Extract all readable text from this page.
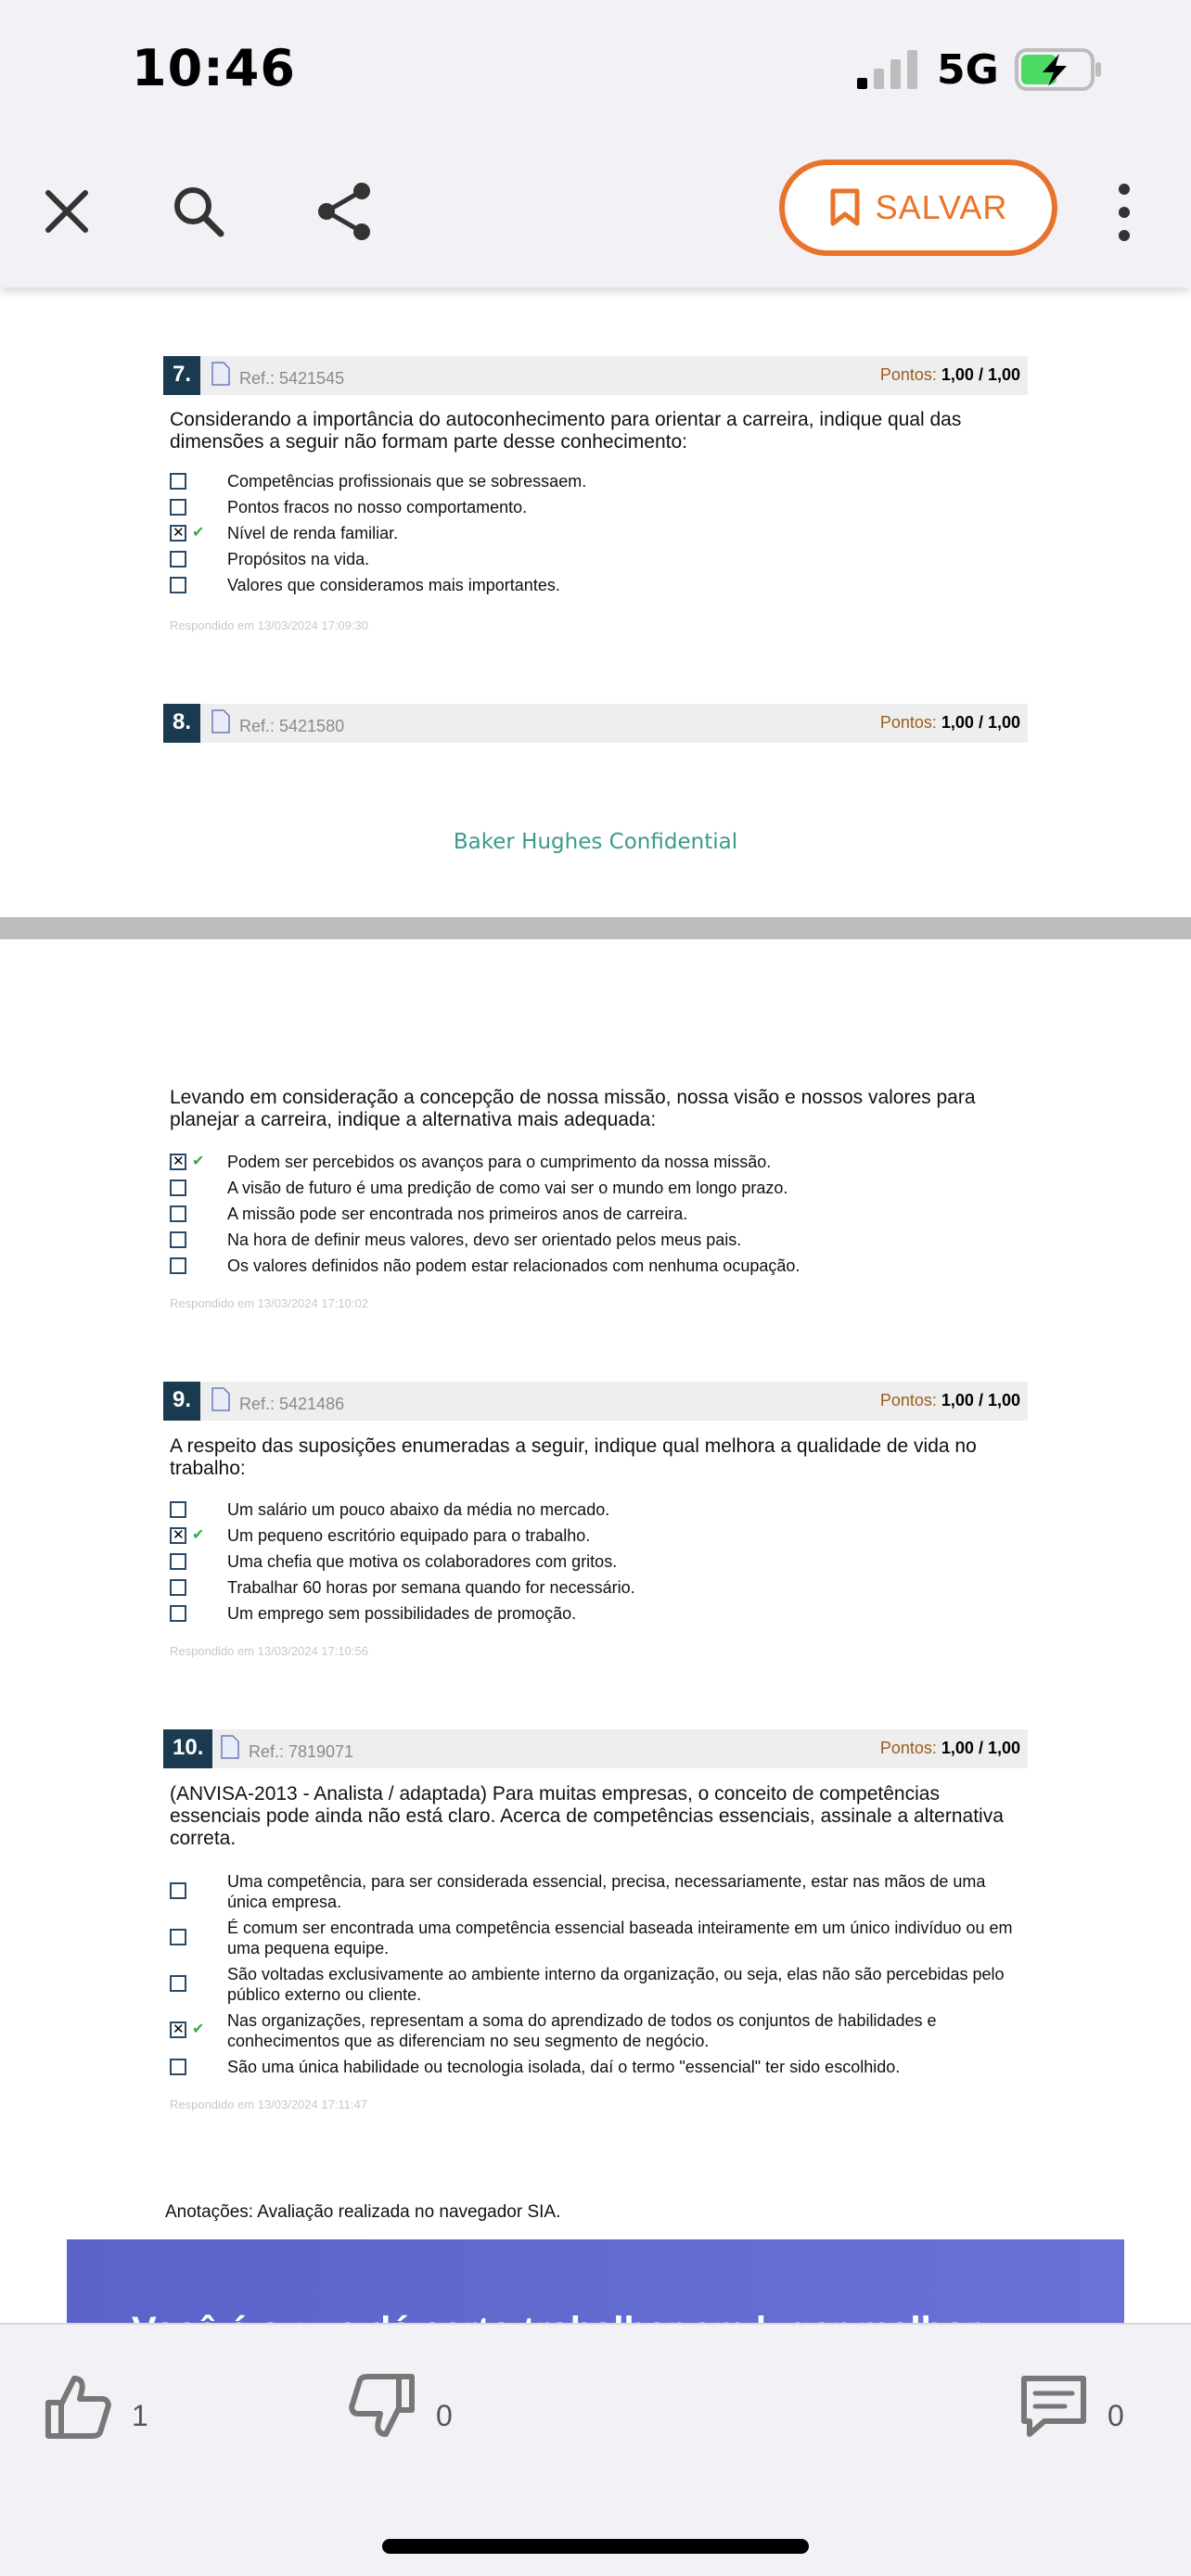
10:46	5G
SALVAR
7.	Ref.: 5421545	Pontos: 1,00 / 1,00
Considerando a importância do autoconhecimento para orientar a carreira, indique qual das dimensões a seguir não formam parte desse conhecimento:
Competências profissionais que se sobressaem.
Pontos fracos no nosso comportamento.
✕
✔ Nível de renda familiar.
Propósitos na vida.
Valores que consideramos mais importantes.
Respondido em 13/03/2024 17:09:30
8.	Ref.: 5421580	Pontos: 1,00 / 1,00
Baker Hughes Confidential
Levando em consideração a concepção de nossa missão, nossa visão e nossos valores para planejar a carreira, indique a alternativa mais adequada:
✕
✔ Podem ser percebidos os avanços para o cumprimento da nossa missão.
A visão de futuro é uma predição de como vai ser o mundo em longo prazo.
A missão pode ser encontrada nos primeiros anos de carreira.
Na hora de definir meus valores, devo ser orientado pelos meus pais.
Os valores definidos não podem estar relacionados com nenhuma ocupação.
Respondido em 13/03/2024 17:10:02
9.	Ref.: 5421486	Pontos: 1,00 / 1,00
A respeito das suposições enumeradas a seguir, indique qual melhora a qualidade de vida no trabalho:
Um salário um pouco abaixo da média no mercado.
✕
✔ Um pequeno escritório equipado para o trabalho.
Uma chefia que motiva os colaboradores com gritos.
Trabalhar 60 horas por semana quando for necessário.
Um emprego sem possibilidades de promoção.
Respondido em 13/03/2024 17:10:56
10.	Ref.: 7819071	Pontos: 1,00 / 1,00
(ANVISA-2013 - Analista / adaptada) Para muitas empresas, o conceito de competências essenciais pode ainda não está claro. Acerca de competências essenciais, assinale a alternativa correta.
Uma competência, para ser considerada essencial, precisa, necessariamente, estar nas mãos de uma única empresa.
É comum ser encontrada uma competência essencial baseada inteiramente em um único indivíduo ou em uma pequena equipe.
São voltadas exclusivamente ao ambiente interno da organização, ou seja, elas não são percebidas pelo público externo ou cliente.
✕
✔ Nas organizações, representam a soma do aprendizado de todos os conjuntos de habilidades e conhecimentos que as diferenciam no seu segmento de negócio.
São uma única habilidade ou tecnologia isolada, daí o termo "essencial" ter sido escolhido.
Respondido em 13/03/2024 17:11:47
Anotações: Avaliação realizada no navegador SIA.
1	0	0
